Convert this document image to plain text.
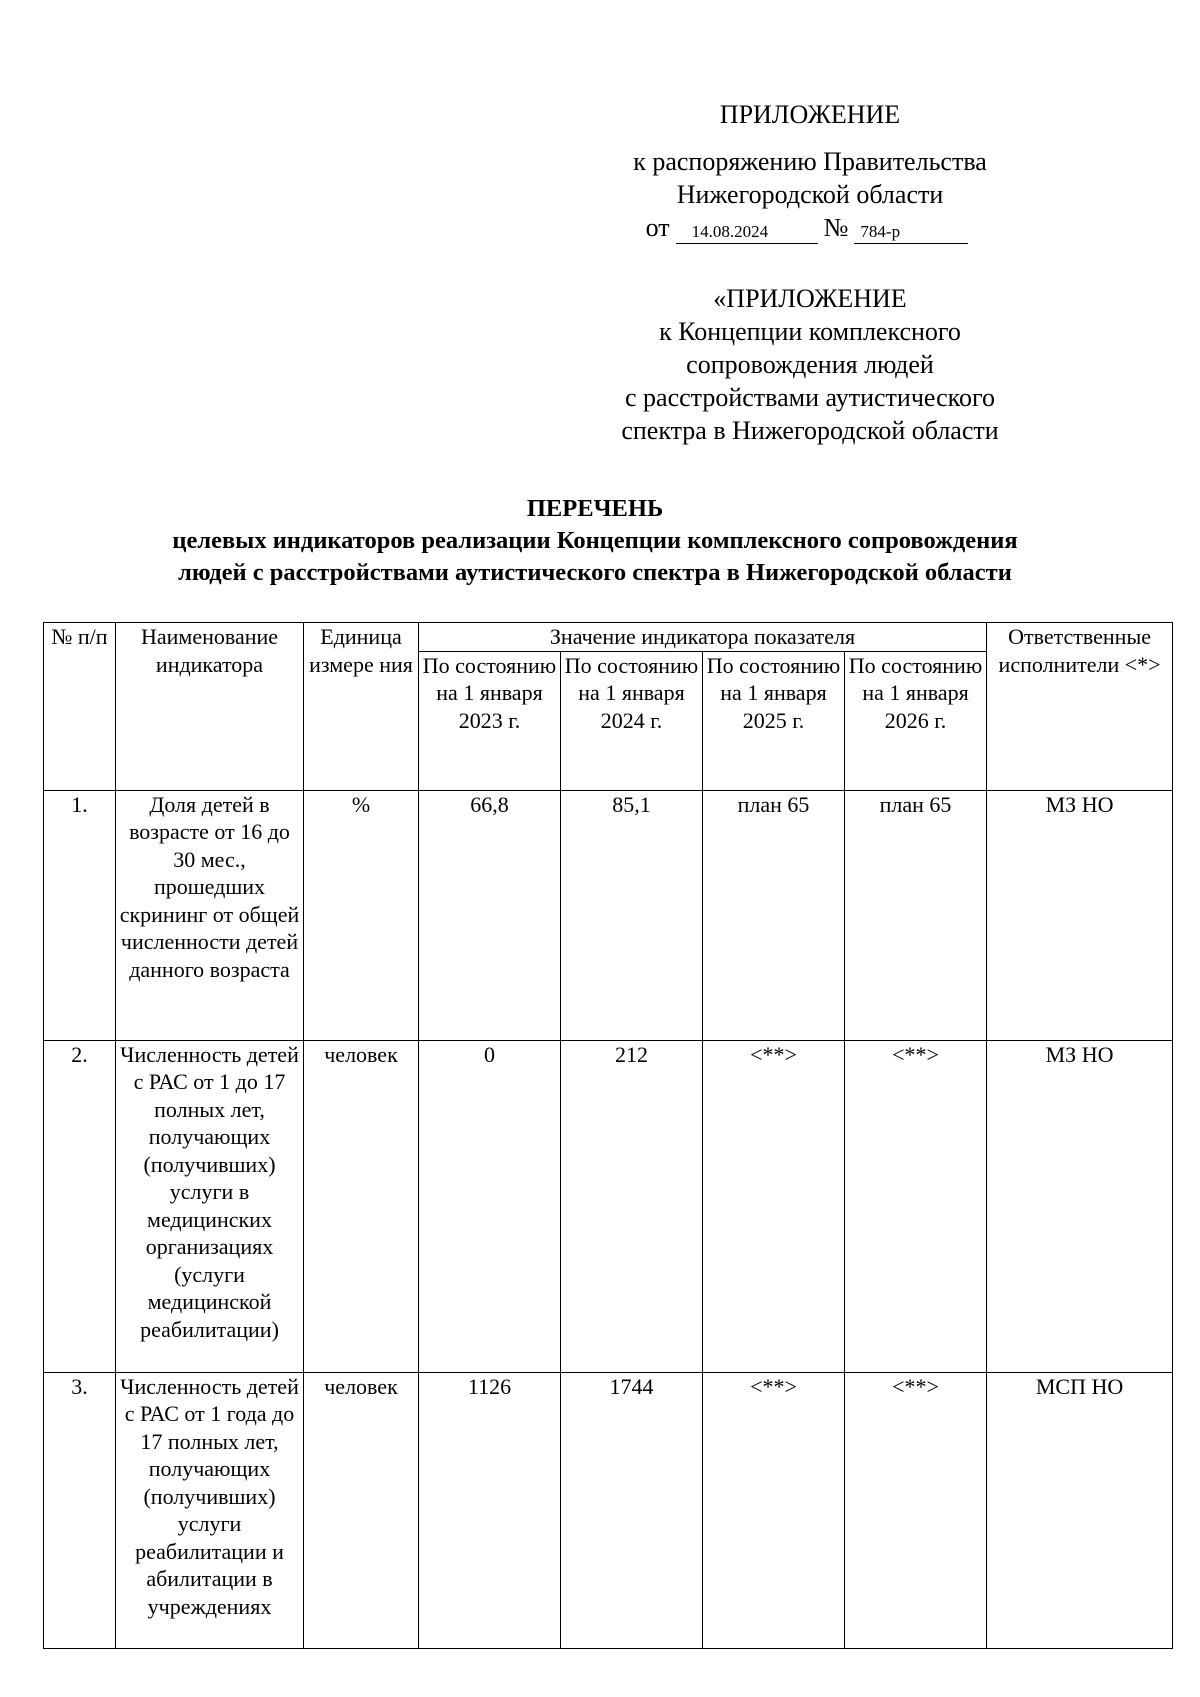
ПРИЛОЖЕНИЕ
к распоряжению Правительства
Нижегородской области
от	14.08.2024	№ 784-р
«ПРИЛОЖЕНИЕ
к Концепции комплексного
сопровождения людей
с расстройствами аутистического
спектра в Нижегородской области
ПЕРЕЧЕНЬ
целевых индикаторов реализации Концепции комплексного сопровождения
людей с расстройствами аутистического спектра в Нижегородской области
№ п/п	Наименование индикатора	Единица измере ния	Значение индикатора показателя				Ответственные исполнители <*>
			По состоянию на 1 января 2023 г.	По состоянию на 1 января 2024 г.	По состоянию на 1 января 2025 г.	По состоянию на 1 января 2026 г.	
1.	Доля детей в возрасте от 16 до 30 мес., прошедших скрининг от общей численности детей данного возраста	%	66,8	85,1	план 65	план 65	МЗ НО
2.	Численность детей с РАС от 1 до 17 полных лет, получающих (получивших) услуги в медицинских организациях (услуги медицинской реабилитации)	человек	0	212	<**>	<**>	МЗ НО
3.	Численность детей с РАС от 1 года до 17 полных лет, получающих (получивших) услуги реабилитации и абилитации в учреждениях	человек	1126	1744	<**>	<**>	МСП НО
